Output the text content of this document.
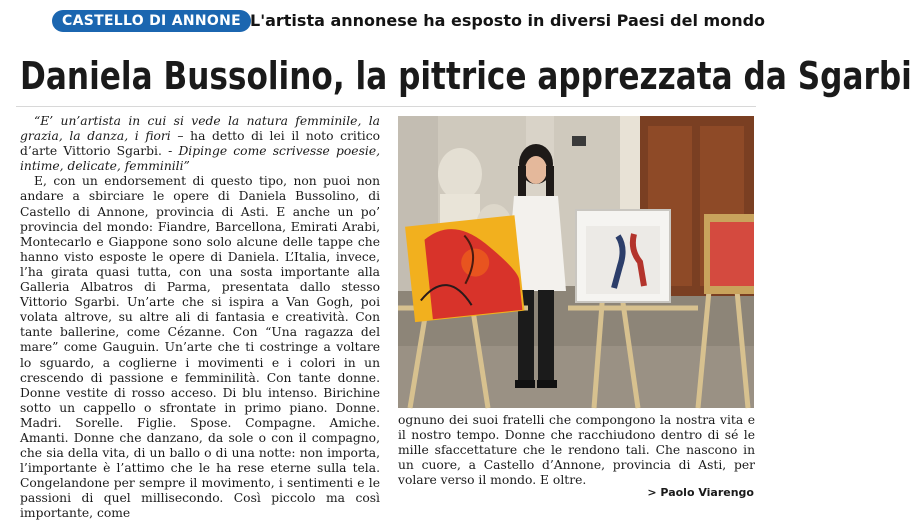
CASTELLO DI ANNONE L'artista annonese ha esposto in diversi Paesi del mondo
Daniela Bussolino, la pittrice apprezzata da Sgarbi

“E’ un’artista in cui si vede la natura femminile, la grazia, la danza, i fiori – ha detto di lei il noto critico d’arte Vittorio Sgarbi. - Dipinge come scrivesse poesie, intime, delicate, femminili”

E, con un endorsement di questo tipo, non puoi non andare a sbirciare le opere di Daniela Bussolino, di Castello di Annone, provincia di Asti. E anche un po’ provincia del mondo: Fiandre, Barcellona, Emirati Arabi, Montecarlo e Giappone sono solo alcune delle tappe che hanno visto esposte le opere di Daniela. L’Italia, invece, l’ha girata quasi tutta, con una sosta importante alla Galleria Albatros di Parma, presentata dallo stesso Vittorio Sgarbi. Un’arte che si ispira a Van Gogh, poi volata altrove, su altre ali di fantasia e creatività. Con tante ballerine, come Cézanne. Con “Una ragazza del mare” come Gauguin. Un’arte che ti costringe a voltare lo sguardo, a coglierne i movimenti e i colori in un crescendo di passione e femminilità. Con tante donne. Donne vestite di rosso acceso. Di blu intenso. Birichine sotto un cappello o sfrontate in primo piano. Donne. Madri. Sorelle. Figlie. Spose. Compagne. Amiche. Amanti. Donne che danzano, da sole o con il compagno, che sia della vita, di un ballo o di una notte: non importa, l’importante è l’attimo che le ha rese eterne sulla tela. Congelandone per sempre il movimento, i sentimenti e le passioni di quel millisecondo. Così piccolo ma così importante, come

ognuno dei suoi fratelli che compongono la nostra vita e il nostro tempo. Donne che racchiudono dentro di sé le mille sfaccettature che le rendono tali. Che nascono in un cuore, a Castello d’Annone, provincia di Asti, per volare verso il mondo. E oltre.

> Paolo Viarengo
